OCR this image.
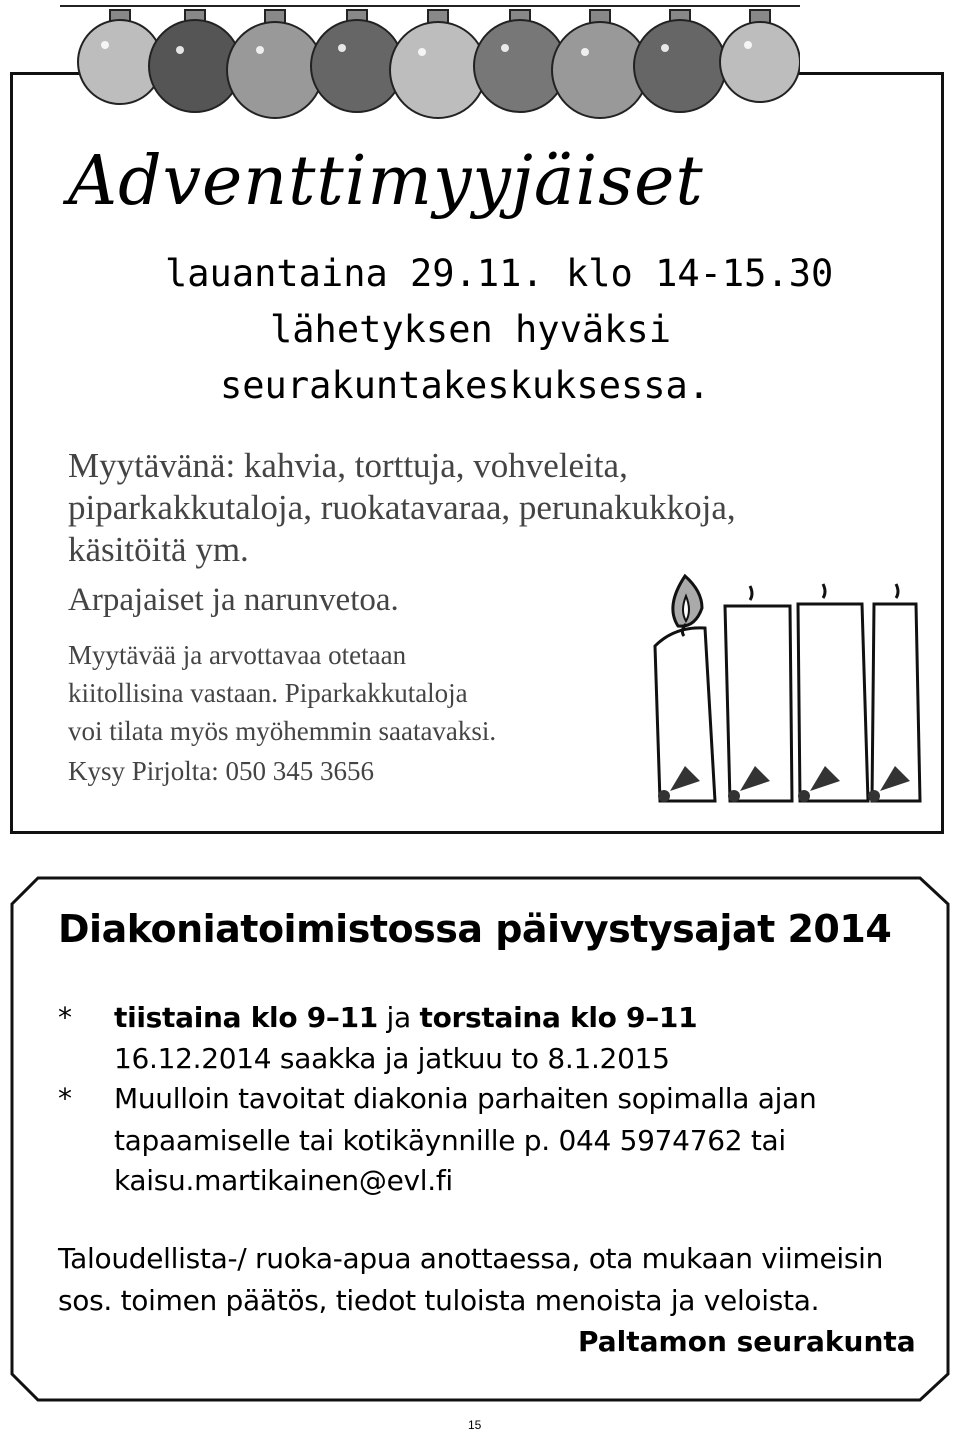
Adventtimyyjäiset
lauantaina 29.11. klo 14-15.30
lähetyksen hyväksi
seurakuntakeskuksessa.
Myytävänä: kahvia, torttuja, vohveleita,
piparkakkutaloja, ruokatavaraa, perunakukkoja,
käsitöitä ym.
Arpajaiset ja narunvetoa.
Myytävää ja arvottavaa otetaan
kiitollisina vastaan. Piparkakkutaloja
voi tilata myös myöhemmin saatavaksi.
Kysy Pirjolta: 050 345 3656
Diakoniatoimistossa päivystysajat 2014
* tiistaina klo 9–11 ja torstaina klo 9–11
16.12.2014 saakka ja jatkuu to 8.1.2015
* Muulloin tavoitat diakonia parhaiten sopimalla ajan
tapaamiselle tai kotikäynnille p. 044 5974762 tai
kaisu.martikainen@evl.fi
Taloudellista-/ ruoka-apua anottaessa, ota mukaan viimeisin
sos. toimen päätös, tiedot tuloista menoista ja veloista.
Paltamon seurakunta
15
